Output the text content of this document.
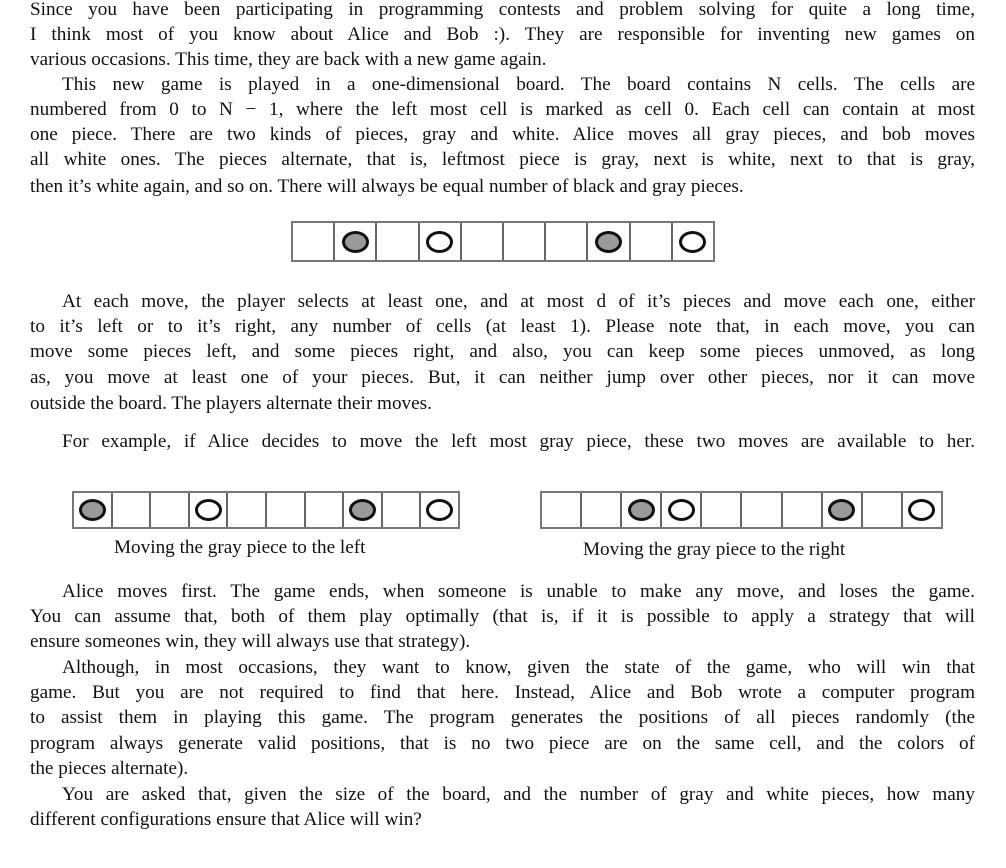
Since you have been participating in programming contests and problem solving for quite a long time,
I think most of you know about Alice and Bob :). They are responsible for inventing new games on
various occasions. This time, they are back with a new game again.
This new game is played in a one-dimensional board. The board contains N cells. The cells are
numbered from 0 to N − 1, where the left most cell is marked as cell 0. Each cell can contain at most
one piece. There are two kinds of pieces, gray and white. Alice moves all gray pieces, and bob moves
all white ones. The pieces alternate, that is, leftmost piece is gray, next is white, next to that is gray,
then it’s white again, and so on. There will always be equal number of black and gray pieces.
At each move, the player selects at least one, and at most d of it’s pieces and move each one, either
to it’s left or to it’s right, any number of cells (at least 1). Please note that, in each move, you can
move some pieces left, and some pieces right, and also, you can keep some pieces unmoved, as long
as, you move at least one of your pieces. But, it can neither jump over other pieces, nor it can move
outside the board. The players alternate their moves.
For example, if Alice decides to move the left most gray piece, these two moves are available to her.
Moving the gray piece to the left	Moving the gray piece to the right
Alice moves first. The game ends, when someone is unable to make any move, and loses the game.
You can assume that, both of them play optimally (that is, if it is possible to apply a strategy that will
ensure someones win, they will always use that strategy).
Although, in most occasions, they want to know, given the state of the game, who will win that
game. But you are not required to find that here. Instead, Alice and Bob wrote a computer program
to assist them in playing this game. The program generates the positions of all pieces randomly (the
program always generate valid positions, that is no two piece are on the same cell, and the colors of
the pieces alternate).
You are asked that, given the size of the board, and the number of gray and white pieces, how many
different configurations ensure that Alice will win?
